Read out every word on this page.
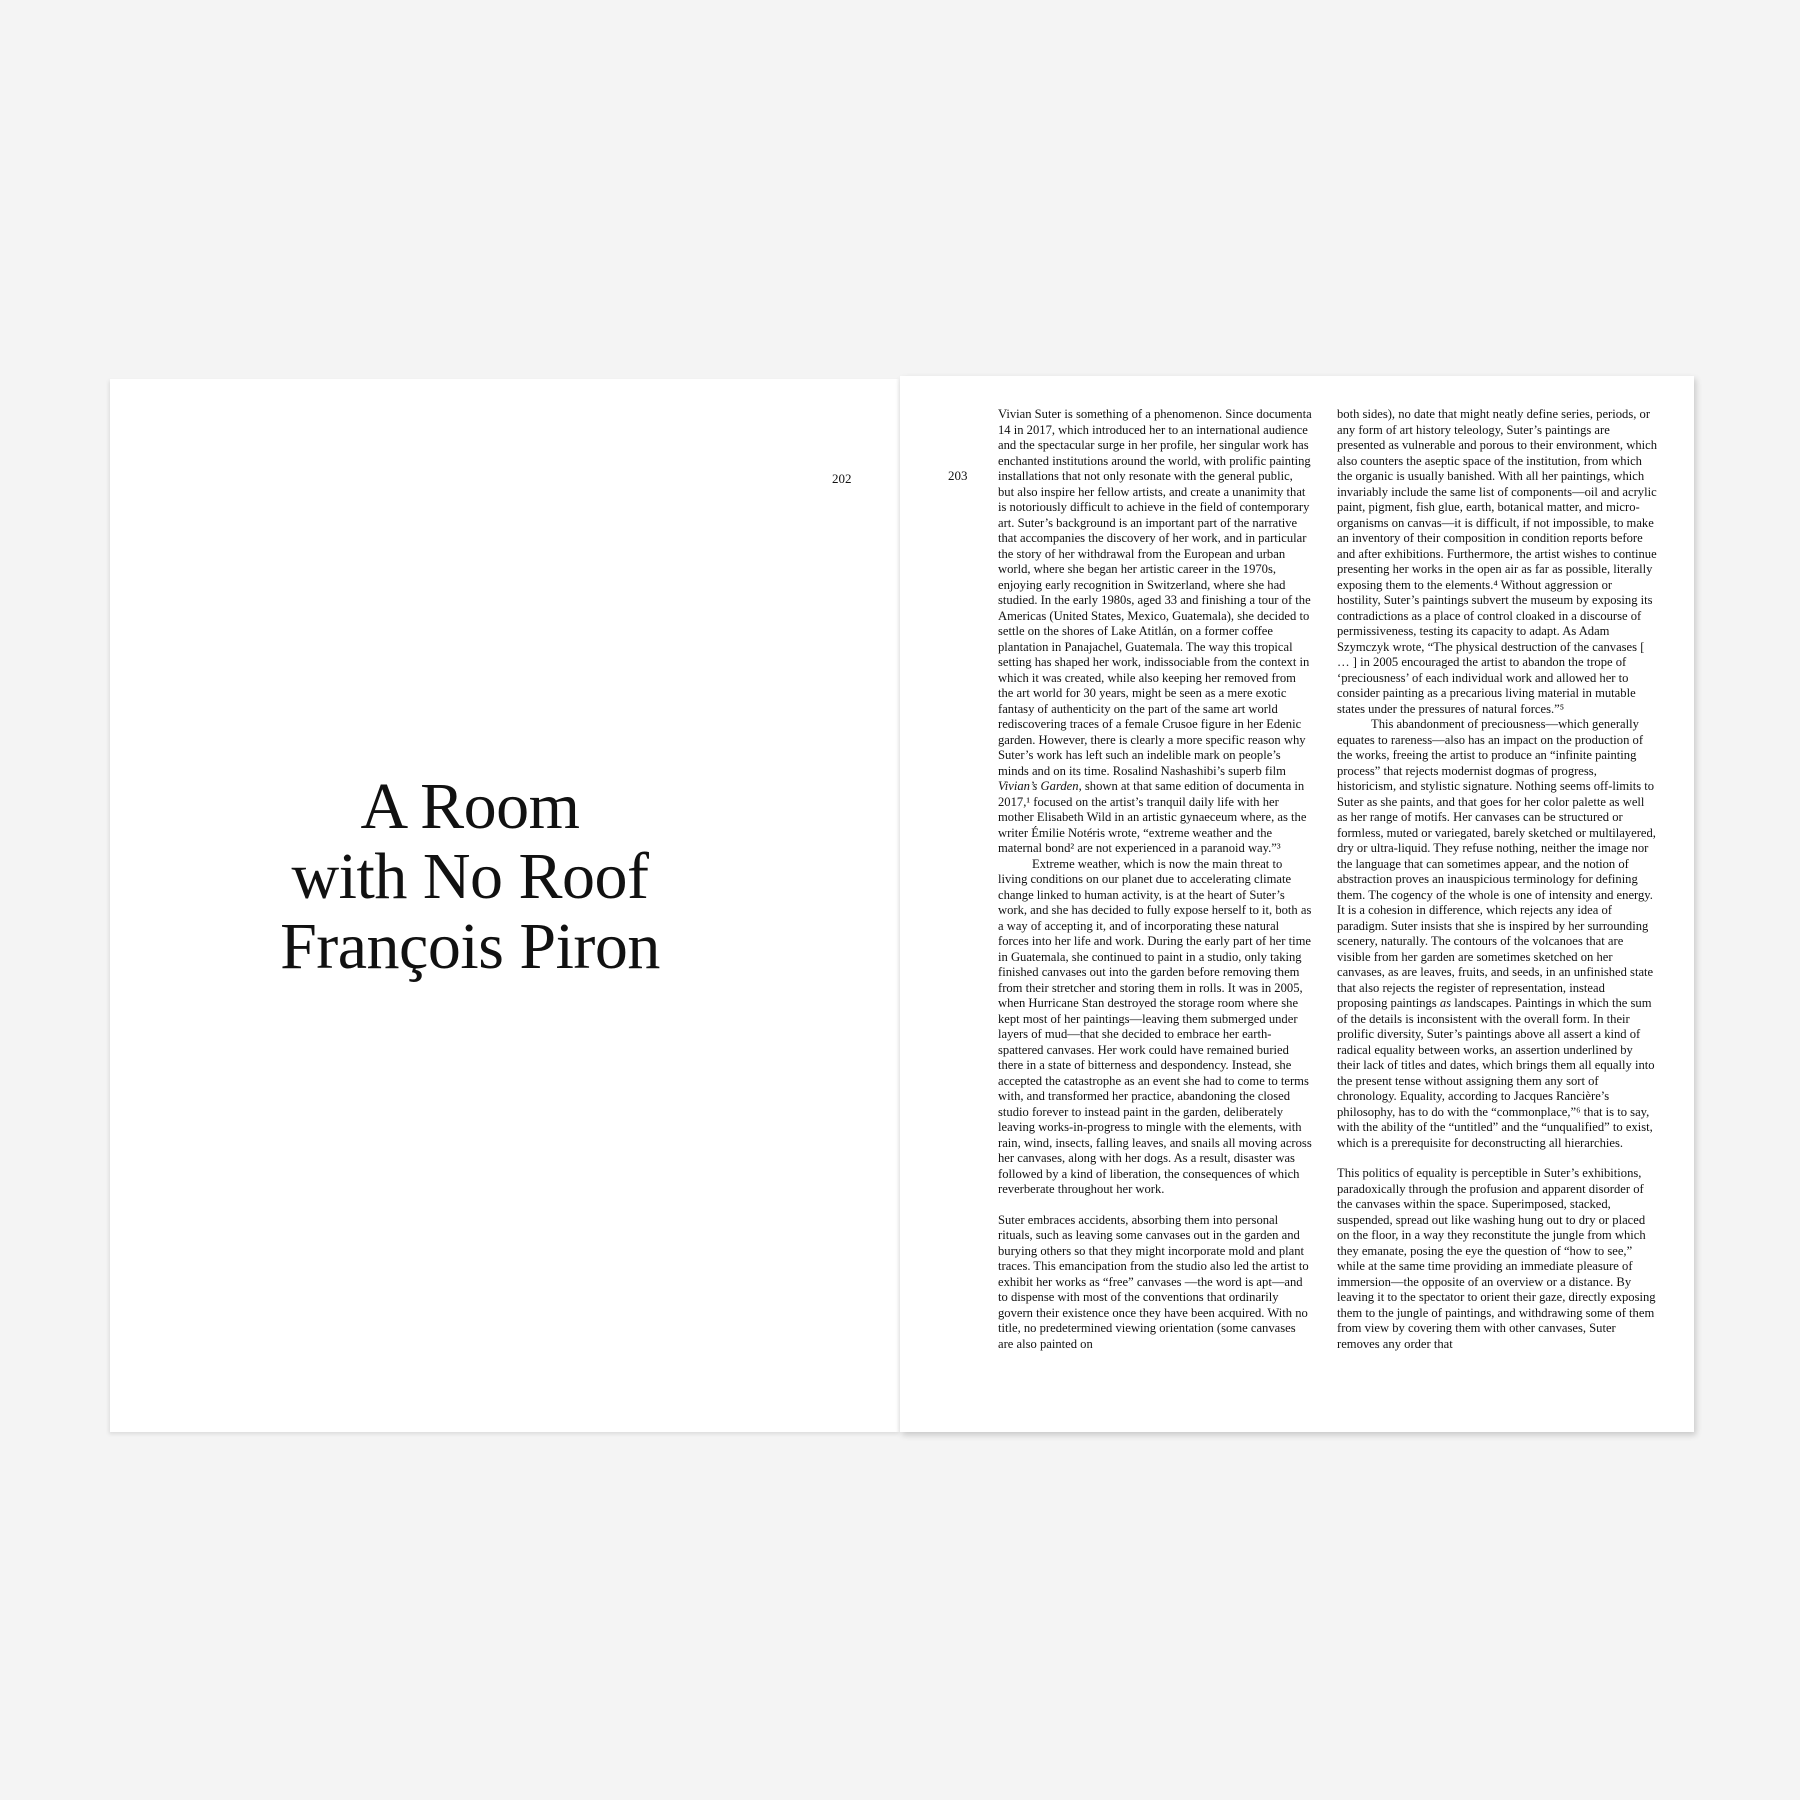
202
A Room
with No Roof
François Piron
203

Vivian Suter is something of a phenomenon. Since documenta 14 in 2017, which introduced her to an international audience and the spectacular surge in her profile, her singular work has enchanted institutions around the world, with prolific painting installations that not only resonate with the general public, but also inspire her fellow artists, and create a unanimity that is notoriously difficult to achieve in the field of contemporary art. Suter’s background is an important part of the narrative that accompanies the discovery of her work, and in particular the story of her withdrawal from the European and urban world, where she began her artistic career in the 1970s, enjoying early recognition in Switzerland, where she had studied. In the early 1980s, aged 33 and finishing a tour of the Americas (United States, Mexico, Guatemala), she decided to settle on the shores of Lake Atitlán, on a former coffee plantation in Panajachel, Guatemala. The way this tropical setting has shaped her work, indissociable from the context in which it was created, while also keeping her removed from the art world for 30 years, might be seen as a mere exotic fantasy of authenticity on the part of the same art world rediscovering traces of a female Crusoe figure in her Edenic garden. However, there is clearly a more specific reason why Suter’s work has left such an indelible mark on people’s minds and on its time. Rosalind Nashashibi’s superb film Vivian’s Garden, shown at that same edition of documenta in 2017,¹ focused on the artist’s tranquil daily life with her mother Elisabeth Wild in an artistic gynaeceum where, as the writer Émilie Notéris wrote, “extreme weather and the maternal bond² are not experienced in a paranoid way.”³

Extreme weather, which is now the main threat to living conditions on our planet due to accelerating climate change linked to human activity, is at the heart of Suter’s work, and she has decided to fully expose herself to it, both as a way of accepting it, and of incorporating these natural forces into her life and work. During the early part of her time in Guatemala, she continued to paint in a studio, only taking finished canvases out into the garden before removing them from their stretcher and storing them in rolls. It was in 2005, when Hurricane Stan destroyed the storage room where she kept most of her paintings—leaving them submerged under layers of mud—that she decided to embrace her earth-spattered canvases. Her work could have remained buried there in a state of bitterness and despondency. Instead, she accepted the catastrophe as an event she had to come to terms with, and transformed her practice, abandoning the closed studio forever to instead paint in the garden, deliberately leaving works-in-progress to mingle with the elements, with rain, wind, insects, falling leaves, and snails all moving across her canvases, along with her dogs. As a result, disaster was followed by a kind of liberation, the consequences of which reverberate throughout her work.

Suter embraces accidents, absorbing them into personal rituals, such as leaving some canvases out in the garden and burying others so that they might incorporate mold and plant traces. This emancipation from the studio also led the artist to exhibit her works as “free” canvases —the word is apt—and to dispense with most of the conventions that ordinarily govern their existence once they have been acquired. With no title, no predetermined viewing orientation (some canvases are also painted on

both sides), no date that might neatly define series, periods, or any form of art history teleology, Suter’s paintings are presented as vulnerable and porous to their environment, which also counters the aseptic space of the institution, from which the organic is usually banished. With all her paintings, which invariably include the same list of components—oil and acrylic paint, pigment, fish glue, earth, botanical matter, and micro-organisms on canvas—it is difficult, if not impossible, to make an inventory of their composition in condition reports before and after exhibitions. Furthermore, the artist wishes to continue presenting her works in the open air as far as possible, literally exposing them to the elements.⁴ Without aggression or hostility, Suter’s paintings subvert the museum by exposing its contradictions as a place of control cloaked in a discourse of permissiveness, testing its capacity to adapt. As Adam Szymczyk wrote, “The physical destruction of the canvases [ … ] in 2005 encouraged the artist to abandon the trope of ‘preciousness’ of each individual work and allowed her to consider painting as a precarious living material in mutable states under the pressures of natural forces.”⁵

This abandonment of preciousness—which generally equates to rareness—also has an impact on the production of the works, freeing the artist to produce an “infinite painting process” that rejects modernist dogmas of progress, historicism, and stylistic signature. Nothing seems off-limits to Suter as she paints, and that goes for her color palette as well as her range of motifs. Her canvases can be structured or formless, muted or variegated, barely sketched or multilayered, dry or ultra-liquid. They refuse nothing, neither the image nor the language that can sometimes appear, and the notion of abstraction proves an inauspicious terminology for defining them. The cogency of the whole is one of intensity and energy. It is a cohesion in difference, which rejects any idea of paradigm. Suter insists that she is inspired by her surrounding scenery, naturally. The contours of the volcanoes that are visible from her garden are sometimes sketched on her canvases, as are leaves, fruits, and seeds, in an unfinished state that also rejects the register of representation, instead proposing paintings as landscapes. Paintings in which the sum of the details is inconsistent with the overall form. In their prolific diversity, Suter’s paintings above all assert a kind of radical equality between works, an assertion underlined by their lack of titles and dates, which brings them all equally into the present tense without assigning them any sort of chronology. Equality, according to Jacques Rancière’s philosophy, has to do with the “commonplace,”⁶ that is to say, with the ability of the “untitled” and the “unqualified” to exist, which is a prerequisite for deconstructing all hierarchies.

This politics of equality is perceptible in Suter’s exhibitions, paradoxically through the profusion and apparent disorder of the canvases within the space. Superimposed, stacked, suspended, spread out like washing hung out to dry or placed on the floor, in a way they reconstitute the jungle from which they emanate, posing the eye the question of “how to see,” while at the same time providing an immediate pleasure of immersion—the opposite of an overview or a distance. By leaving it to the spectator to orient their gaze, directly exposing them to the jungle of paintings, and withdrawing some of them from view by covering them with other canvases, Suter removes any order that
